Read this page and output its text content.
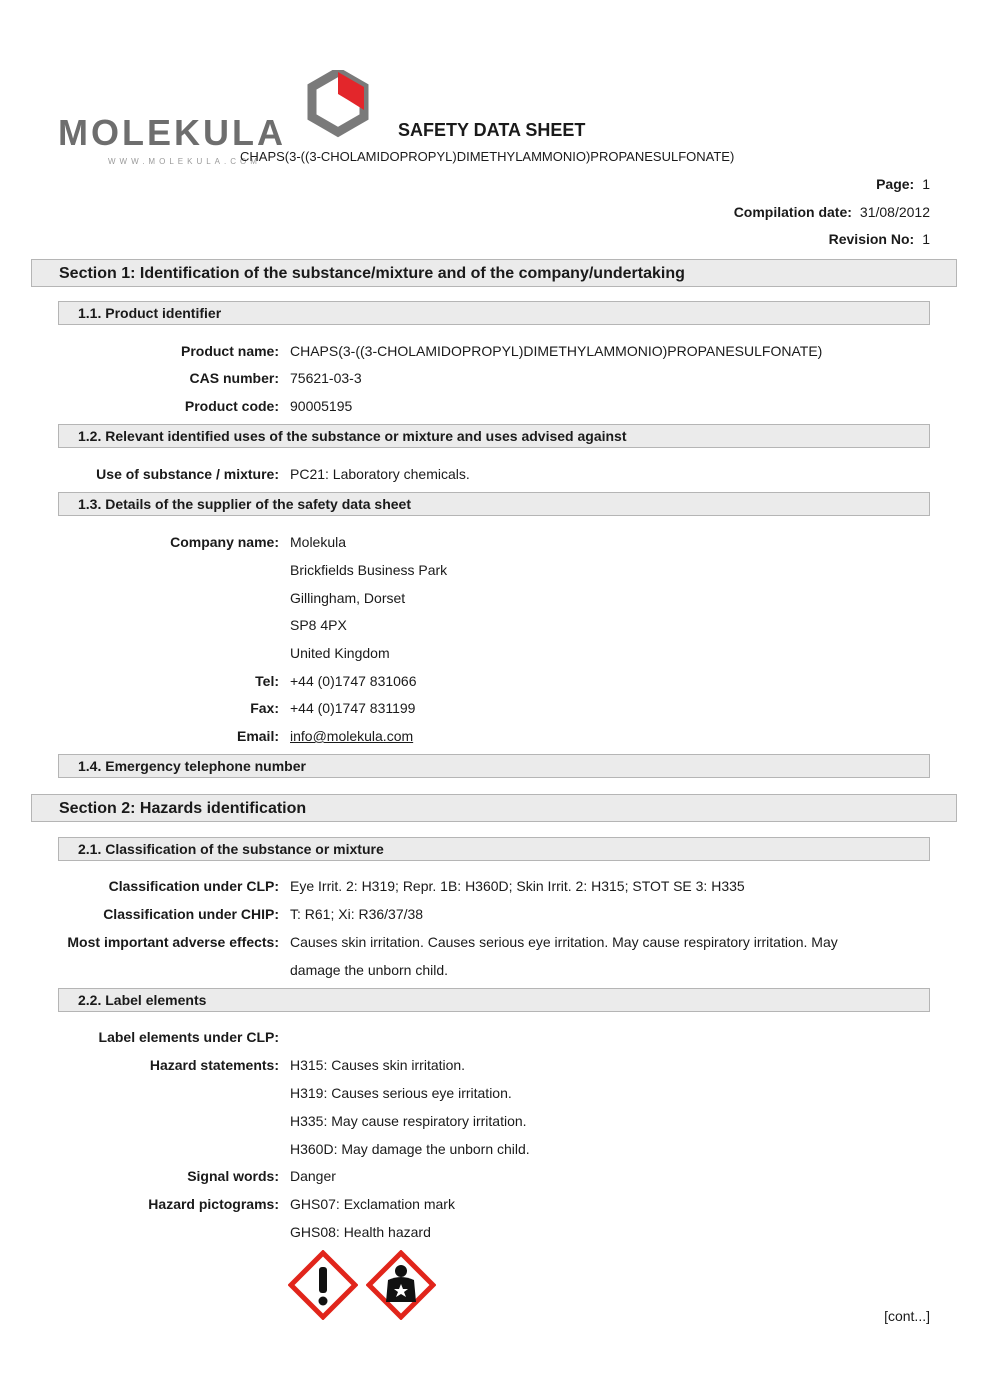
MOLEKULA
WWW.MOLEKULA.COM
SAFETY DATA SHEET
CHAPS(3-((3-CHOLAMIDOPROPYL)DIMETHYLAMMONIO)PROPANESULFONATE)
Page: 1
Compilation date: 31/08/2012
Revision No: 1
Section 1: Identification of the substance/mixture and of the company/undertaking
1.1. Product identifier
Product name: CHAPS(3-((3-CHOLAMIDOPROPYL)DIMETHYLAMMONIO)PROPANESULFONATE)
CAS number: 75621-03-3
Product code: 90005195
1.2. Relevant identified uses of the substance or mixture and uses advised against
Use of substance / mixture: PC21: Laboratory chemicals.
1.3. Details of the supplier of the safety data sheet
Company name: Molekula
Brickfields Business Park
Gillingham, Dorset
SP8 4PX
United Kingdom
Tel: +44 (0)1747 831066
Fax: +44 (0)1747 831199
Email: info@molekula.com
1.4. Emergency telephone number
Section 2: Hazards identification
2.1. Classification of the substance or mixture
Classification under CLP: Eye Irrit. 2: H319; Repr. 1B: H360D; Skin Irrit. 2: H315; STOT SE 3: H335
Classification under CHIP: T: R61; Xi: R36/37/38
Most important adverse effects: Causes skin irritation. Causes serious eye irritation. May cause respiratory irritation. May damage the unborn child.
2.2. Label elements
Label elements under CLP:
Hazard statements: H315: Causes skin irritation.
H319: Causes serious eye irritation.
H335: May cause respiratory irritation.
H360D: May damage the unborn child.
Signal words: Danger
Hazard pictograms: GHS07: Exclamation mark
GHS08: Health hazard
[cont...]
